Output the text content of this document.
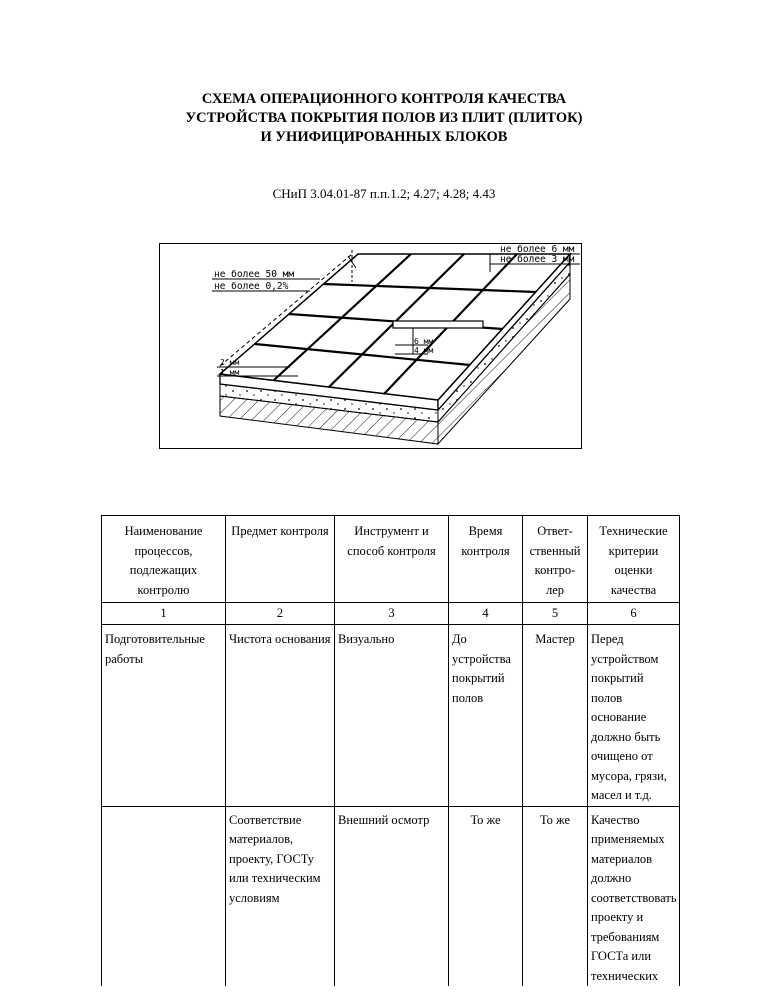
СХЕМА ОПЕРАЦИОННОГО КОНТРОЛЯ КАЧЕСТВА
УСТРОЙСТВА ПОКРЫТИЯ ПОЛОВ ИЗ ПЛИТ (ПЛИТОК)
И УНИФИЦИРОВАННЫХ БЛОКОВ
СНиП 3.04.01-87 п.п.1.2; 4.27; 4.28; 4.43
не более 6 мм
не более 3 мм
не более 50 мм
не более 0,2%
6 мм
4 мм
2 мм
1 мм
Наименование процессов, подлежащих контролю	Предмет контроля	Инструмент и способ контроля	Время контроля	Ответ-ственный контро-лер	Технические критерии оценки качества
1	2	3	4	5	6
Подготовительные работы	Чистота основания	Визуально	До устройства покрытий полов	Мастер	Перед устройством покрытий полов основание должно быть очищено от мусора, грязи, масел и т.д.
	Соответствие материалов, проекту, ГОСТу или техническим условиям	Внешний осмотр	То же	То же	Качество применяемых материалов должно соответствовать проекту и требованиям ГОСТа или технических
